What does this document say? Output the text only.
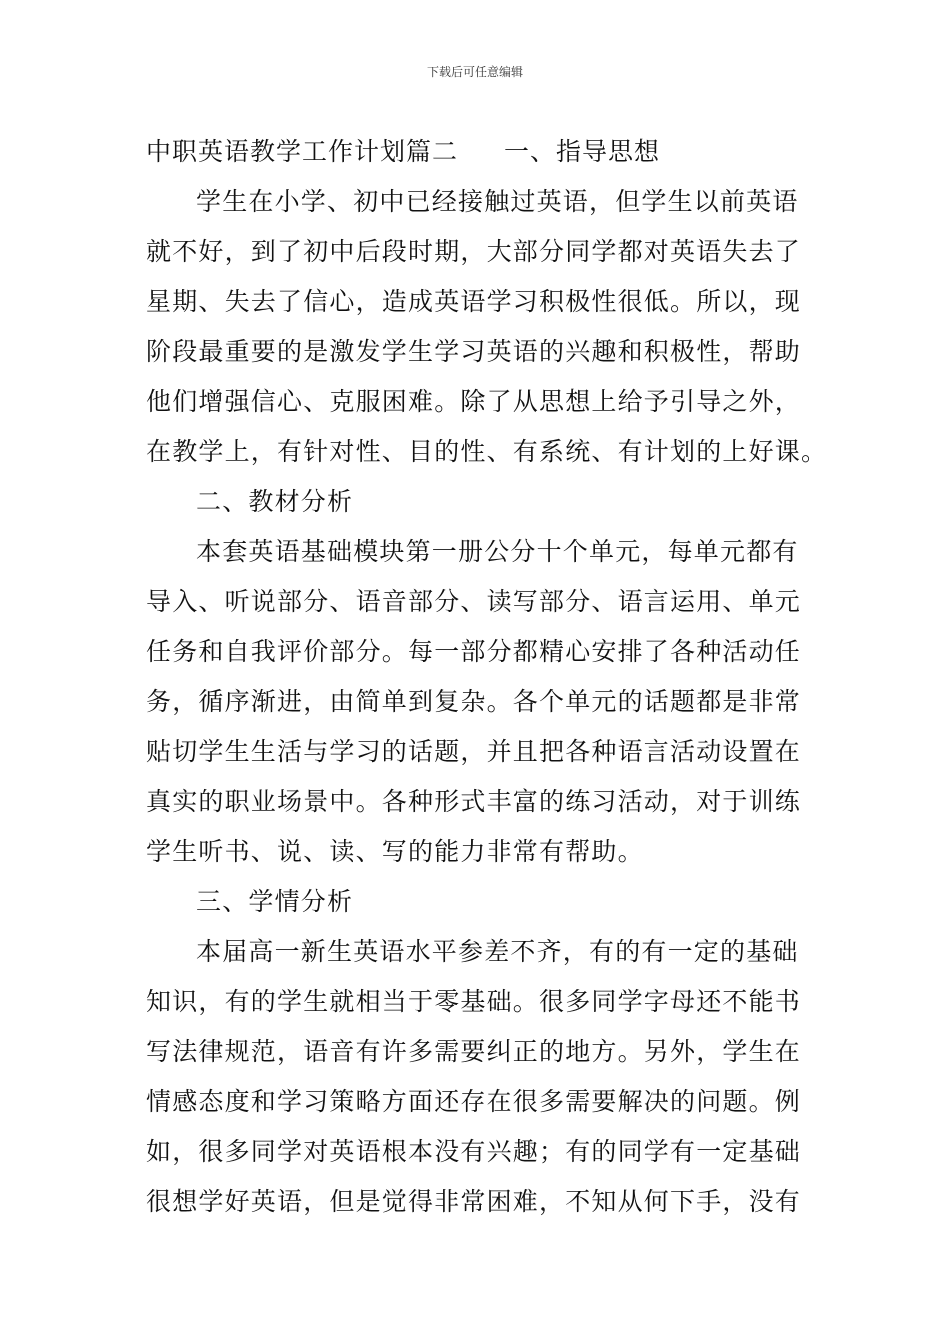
下载后可任意编辑
中职英语教学工作计划篇二 一、指导思想
学生在小学、初中已经接触过英语，但学生以前英语
就不好，到了初中后段时期，大部分同学都对英语失去了
星期、失去了信心，造成英语学习积极性很低。所以，现
阶段最重要的是激发学生学习英语的兴趣和积极性，帮助
他们增强信心、克服困难。除了从思想上给予引导之外，
在教学上，有针对性、目的性、有系统、有计划的上好课。
二、教材分析
本套英语基础模块第一册公分十个单元，每单元都有
导入、听说部分、语音部分、读写部分、语言运用、单元
任务和自我评价部分。每一部分都精心安排了各种活动任
务，循序渐进，由简单到复杂。各个单元的话题都是非常
贴切学生生活与学习的话题，并且把各种语言活动设置在
真实的职业场景中。各种形式丰富的练习活动，对于训练
学生听书、说、读、写的能力非常有帮助。
三、学情分析
本届高一新生英语水平参差不齐，有的有一定的基础
知识，有的学生就相当于零基础。很多同学字母还不能书
写法律规范，语音有许多需要纠正的地方。另外，学生在
情感态度和学习策略方面还存在很多需要解决的问题。例
如，很多同学对英语根本没有兴趣；有的同学有一定基础
很想学好英语，但是觉得非常困难，不知从何下手，没有
